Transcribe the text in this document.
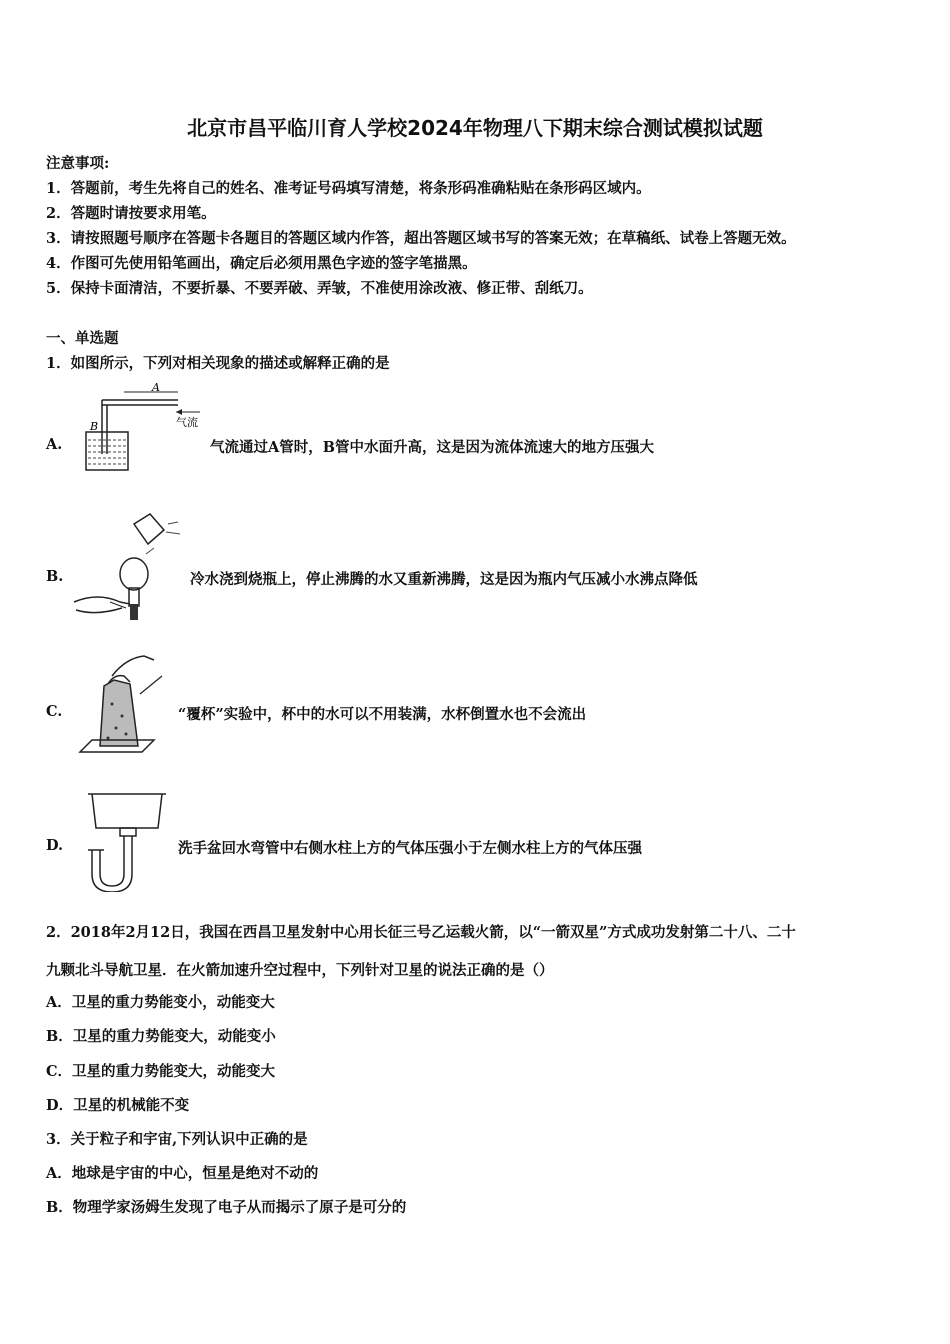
北京市昌平临川育人学校2024年物理八下期末综合测试模拟试题
注意事项:
1．答题前，考生先将自己的姓名、准考证号码填写清楚，将条形码准确粘贴在条形码区域内。
2．答题时请按要求用笔。
3．请按照题号顺序在答题卡各题目的答题区域内作答，超出答题区域书写的答案无效；在草稿纸、试卷上答题无效。
4．作图可先使用铅笔画出，确定后必须用黑色字迹的签字笔描黑。
5．保持卡面清洁，不要折暴、不要弄破、弄皱，不准使用涂改液、修正带、刮纸刀。
一、单选题
1．如图所示，下列对相关现象的描述或解释正确的是
A.
A
B	气流
气流通过A管时，B管中水面升高，这是因为流体流速大的地方压强大
B.	冷水浇到烧瓶上，停止沸腾的水又重新沸腾，这是因为瓶内气压减小水沸点降低
C.	“覆杯”实验中，杯中的水可以不用装满，水杯倒置水也不会流出
D.	洗手盆回水弯管中右侧水柱上方的气体压强小于左侧水柱上方的气体压强
2．2018年2月12日，我国在西昌卫星发射中心用长征三号乙运载火箭，以“一箭双星”方式成功发射第二十八、二十
九颗北斗导航卫星．在火箭加速升空过程中，下列针对卫星的说法正确的是（）
A．卫星的重力势能变小，动能变大
B．卫星的重力势能变大，动能变小
C．卫星的重力势能变大，动能变大
D．卫星的机械能不变
3．关于粒子和宇宙,下列认识中正确的是
A．地球是宇宙的中心，恒星是绝对不动的
B．物理学家汤姆生发现了电子从而揭示了原子是可分的
